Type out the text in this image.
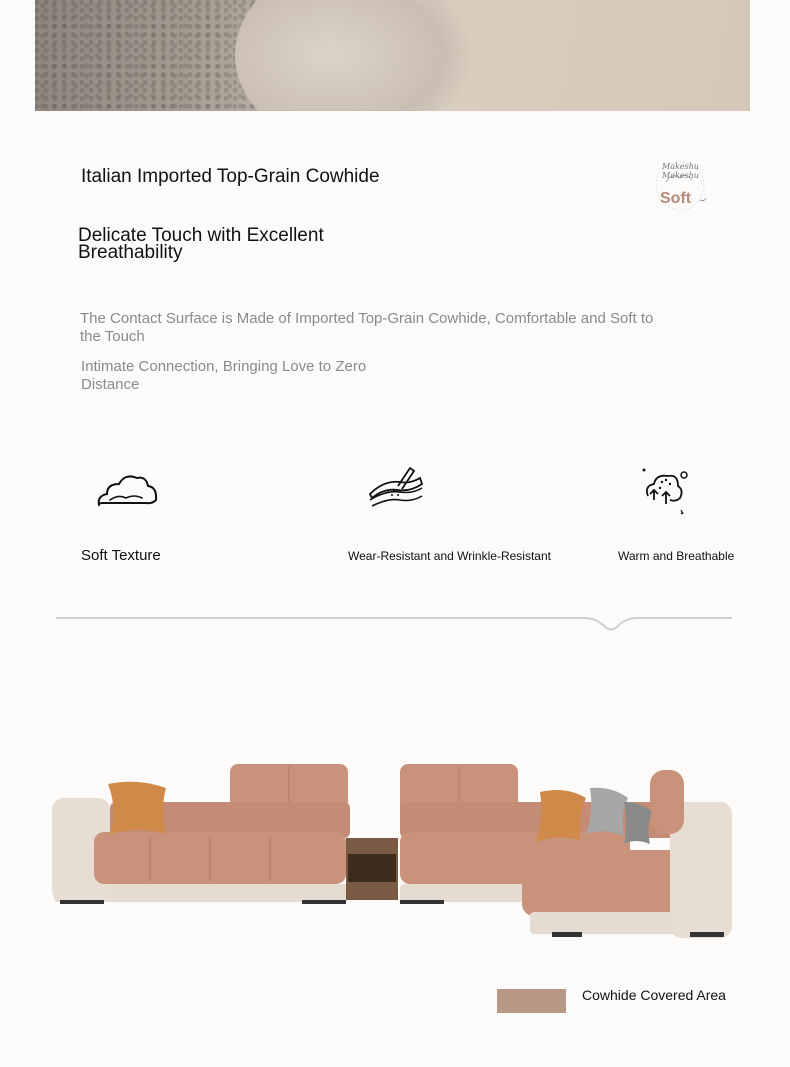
Italian Imported Top-Grain Cowhide
Delicate Touch with Excellent Breathability
Makeshu Makeshu
Soft
The Contact Surface is Made of Imported Top-Grain Cowhide, Comfortable and Soft to the Touch
Intimate Connection, Bringing Love to Zero Distance
Soft Texture	Wear-Resistant and Wrinkle-Resistant	Warm and Breathable
Cowhide Covered Area
